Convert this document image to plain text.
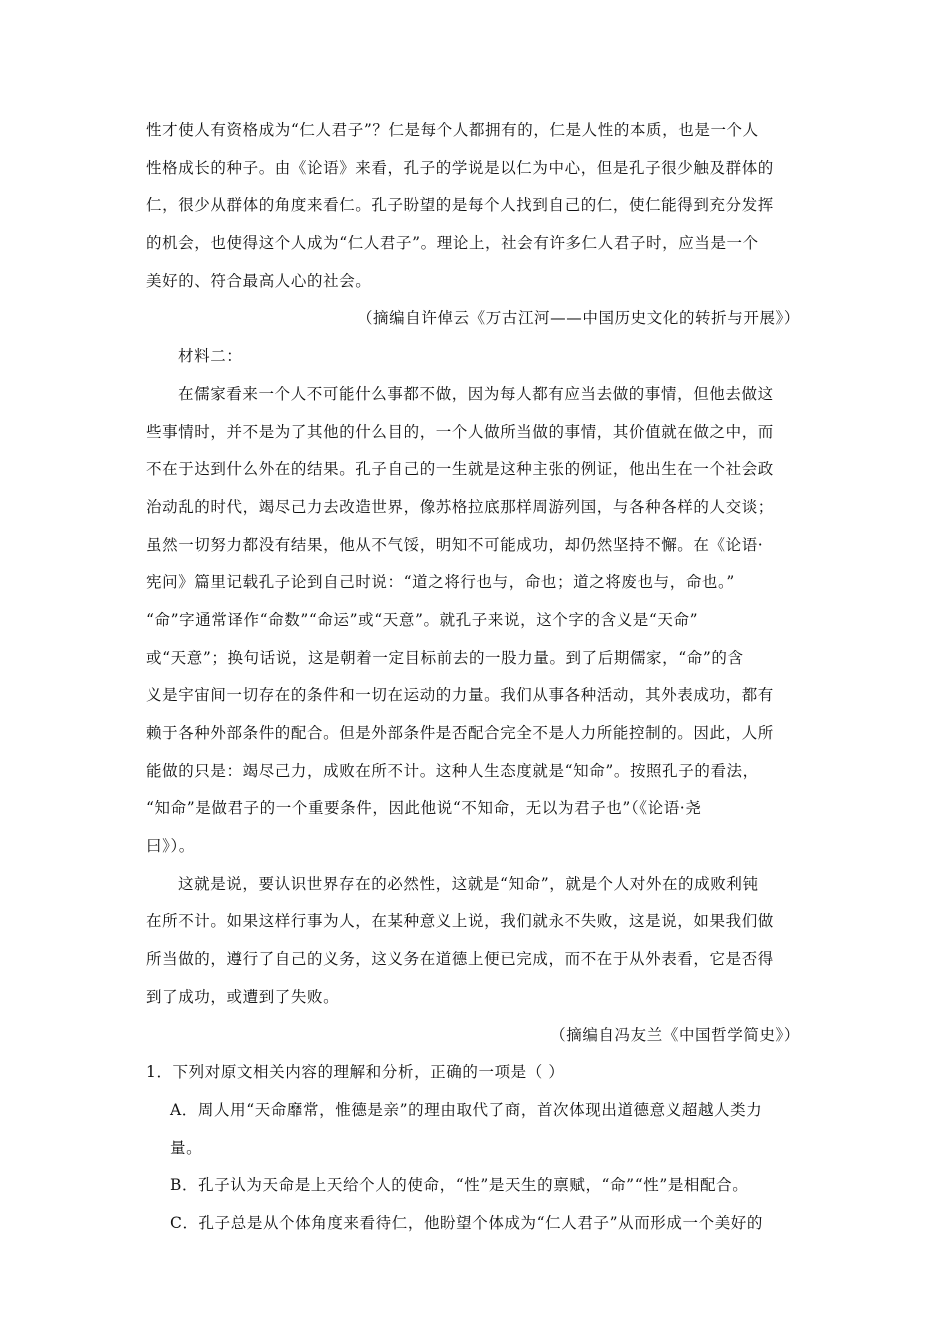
性才使人有资格成为“仁人君子”？仁是每个人都拥有的，仁是人性的本质，也是一个人
性格成长的种子。由《论语》来看，孔子的学说是以仁为中心，但是孔子很少触及群体的
仁，很少从群体的角度来看仁。孔子盼望的是每个人找到自己的仁，使仁能得到充分发挥
的机会，也使得这个人成为“仁人君子”。理论上，社会有许多仁人君子时，应当是一个
美好的、符合最高人心的社会。
（摘编自许倬云《万古江河——中国历史文化的转折与开展》）
材料二：
在儒家看来一个人不可能什么事都不做，因为每人都有应当去做的事情，但他去做这
些事情时，并不是为了其他的什么目的，一个人做所当做的事情，其价值就在做之中，而
不在于达到什么外在的结果。孔子自己的一生就是这种主张的例证，他出生在一个社会政
治动乱的时代，竭尽己力去改造世界，像苏格拉底那样周游列国，与各种各样的人交谈；
虽然一切努力都没有结果，他从不气馁，明知不可能成功，却仍然坚持不懈。在《论语·
宪问》篇里记载孔子论到自己时说：“道之将行也与，命也；道之将废也与，命也。”
“命”字通常译作“命数”“命运”或“天意”。就孔子来说，这个字的含义是“天命”
或“天意”；换句话说，这是朝着一定目标前去的一股力量。到了后期儒家，“命”的含
义是宇宙间一切存在的条件和一切在运动的力量。我们从事各种活动，其外表成功，都有
赖于各种外部条件的配合。但是外部条件是否配合完全不是人力所能控制的。因此，人所
能做的只是：竭尽己力，成败在所不计。这种人生态度就是“知命”。按照孔子的看法，
“知命”是做君子的一个重要条件，因此他说“不知命，无以为君子也”（《论语·尧
曰》）。
这就是说，要认识世界存在的必然性，这就是“知命”，就是个人对外在的成败利钝
在所不计。如果这样行事为人，在某种意义上说，我们就永不失败，这是说，如果我们做
所当做的，遵行了自己的义务，这义务在道德上便已完成，而不在于从外表看，它是否得
到了成功，或遭到了失败。
（摘编自冯友兰《中国哲学简史》）
1．下列对原文相关内容的理解和分析，正确的一项是（ ）
A．周人用“天命靡常，惟德是亲”的理由取代了商，首次体现出道德意义超越人类力
量。
B．孔子认为天命是上天给个人的使命，“性”是天生的禀赋，“命”“性”是相配合。
C．孔子总是从个体角度来看待仁，他盼望个体成为“仁人君子”从而形成一个美好的
